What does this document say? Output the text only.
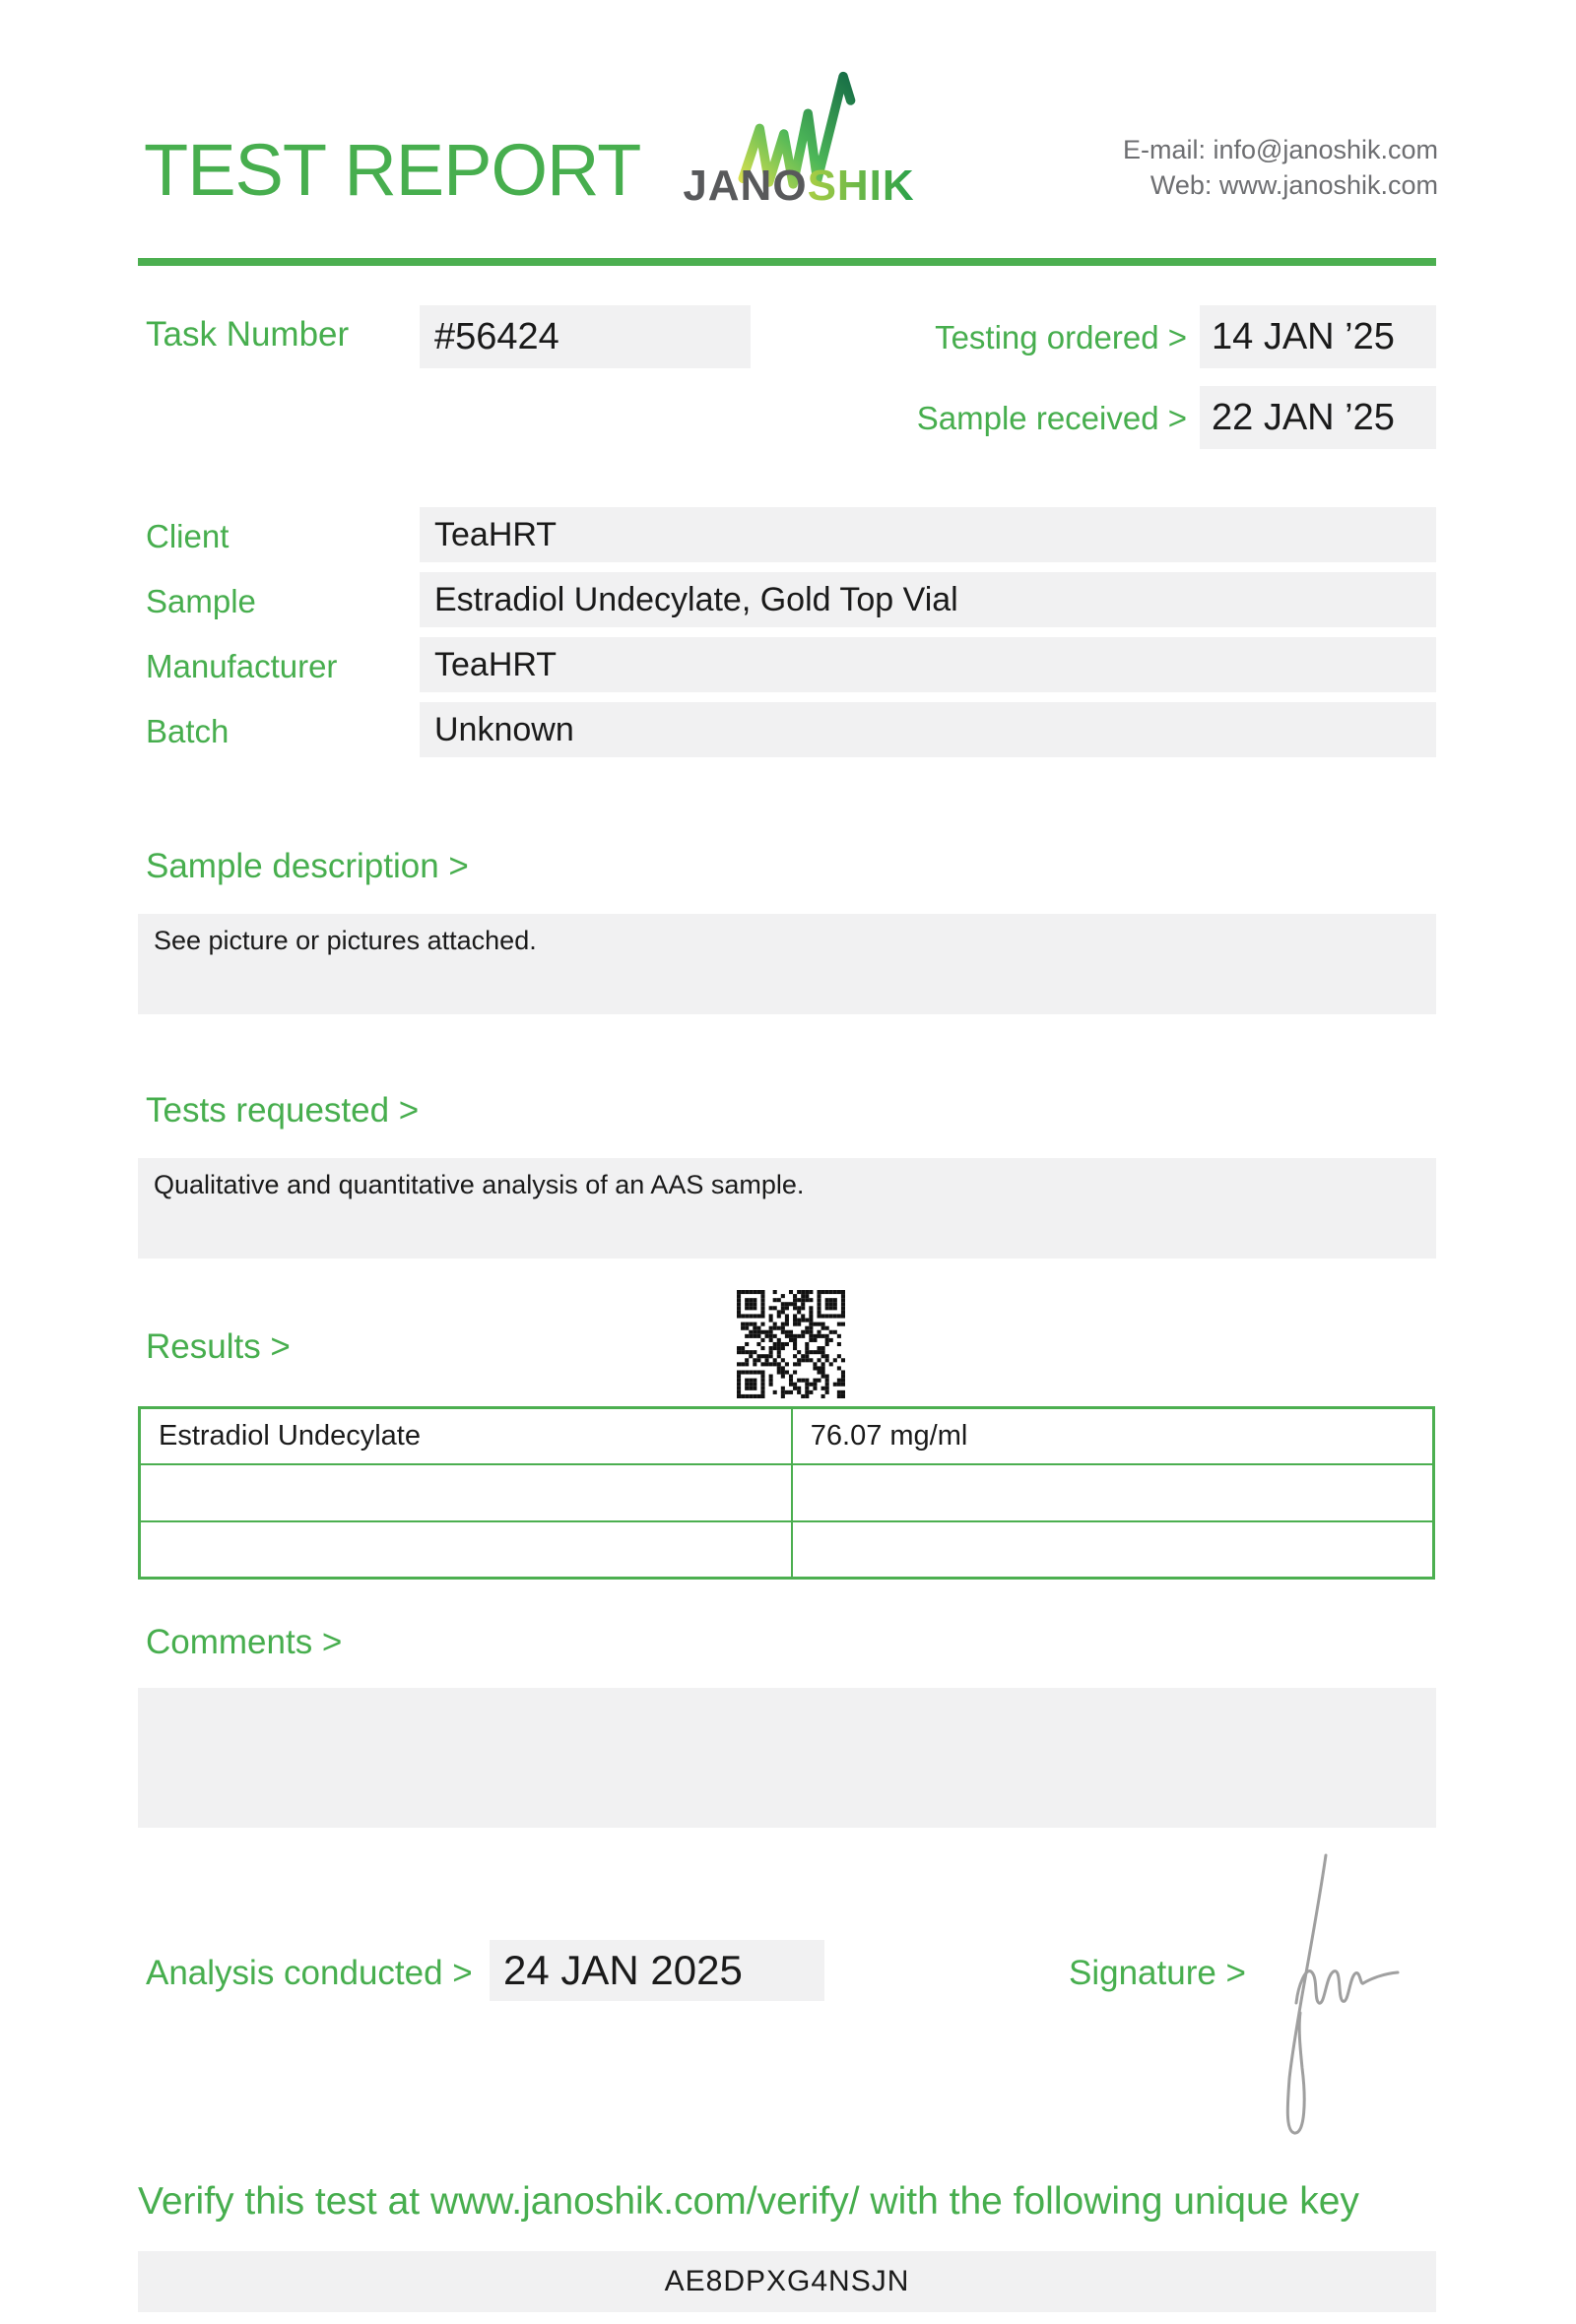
TEST REPORT JANOSHIK
E-mail: info@janoshik.com
Web: www.janoshik.com
Task Number	#56424	Testing ordered > 14 JAN ’25
Sample received > 22 JAN ’25
Client	TeaHRT
Sample	Estradiol Undecylate, Gold Top Vial
Manufacturer	TeaHRT
Batch	Unknown
Sample description >
See picture or pictures attached.
Tests requested >
Qualitative and quantitative analysis of an AAS sample.
Results >
Estradiol Undecylate	76.07 mg/ml

Comments >
Analysis conducted > 24 JAN 2025	Signature >
Verify this test at www.janoshik.com/verify/ with the following unique key
AE8DPXG4NSJN
